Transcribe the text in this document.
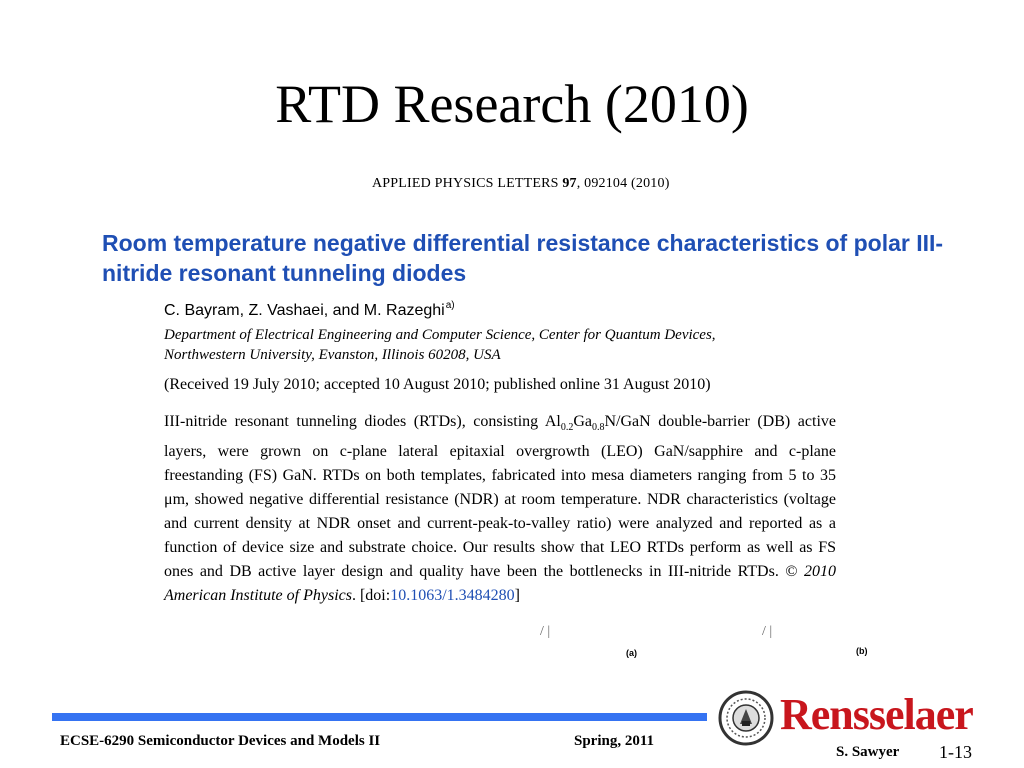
RTD Research (2010)
APPLIED PHYSICS LETTERS 97, 092104 (2010)
Room temperature negative differential resistance characteristics of polar III-nitride resonant tunneling diodes
C. Bayram, Z. Vashaei, and M. Razeghi$^{a)}$
Department of Electrical Engineering and Computer Science, Center for Quantum Devices,
Northwestern University, Evanston, Illinois 60208, USA
(Received 19 July 2010; accepted 10 August 2010; published online 31 August 2010)
III-nitride resonant tunneling diodes (RTDs), consisting $Al_{0.2}Ga_{0.8}N$/GaN double-barrier (DB) active layers, were grown on c-plane lateral epitaxial overgrowth (LEO) GaN/sapphire and c-plane freestanding (FS) GaN. RTDs on both templates, fabricated into mesa diameters ranging from 5 to 35 μm, showed negative differential resistance (NDR) at room temperature. NDR characteristics (voltage and current density at NDR onset and current-peak-to-valley ratio) were analyzed and reported as a function of device size and substrate choice. Our results show that LEO RTDs perform as well as FS ones and DB active layer design and quality have been the bottlenecks in III-nitride RTDs. © 2010 American Institute of Physics. [doi:10.1063/1.3484280]
/ |	/ |
(a)	(b)
ECSE-6290 Semiconductor Devices and Models II	Spring, 2011
Rensselaer
S. Sawyer 1-13
